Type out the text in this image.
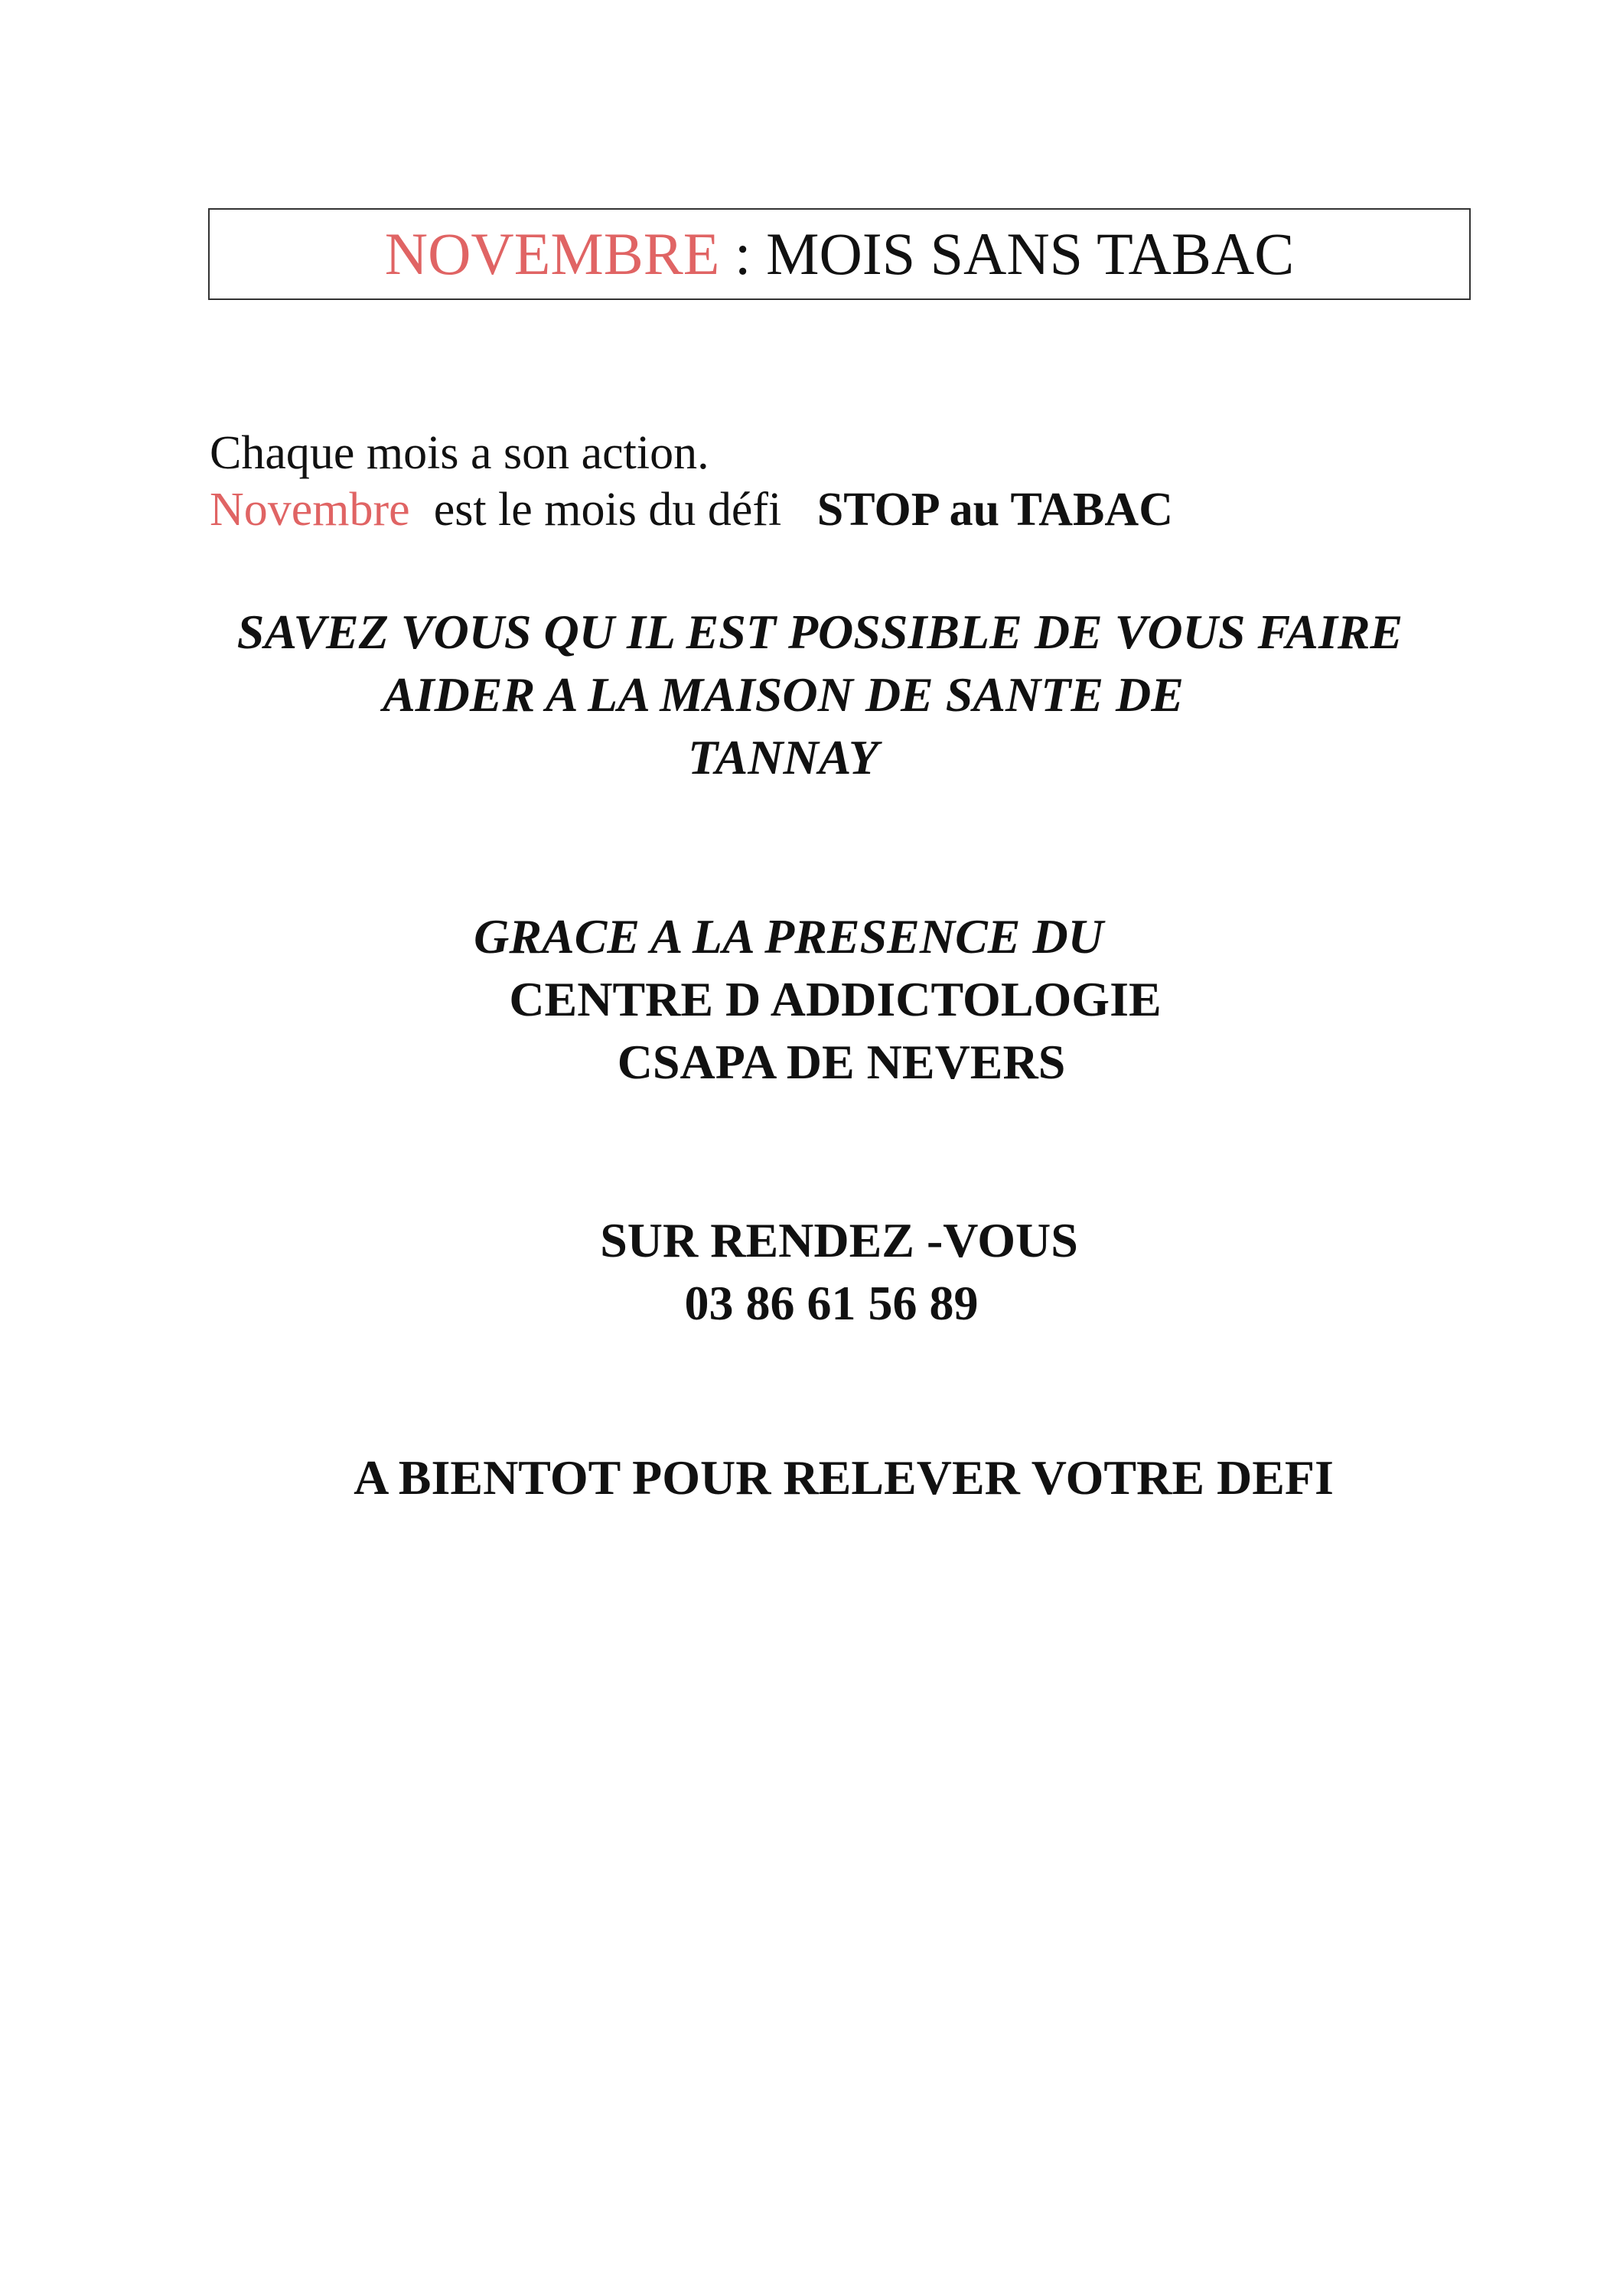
NOVEMBRE : MOIS SANS TABAC
Chaque mois a son action.
Novembre  est le mois du défi   STOP au TABAC
SAVEZ VOUS QU IL EST POSSIBLE DE VOUS FAIRE
AIDER A LA MAISON DE SANTE DE
TANNAY
GRACE A LA PRESENCE DU
CENTRE D ADDICTOLOGIE
CSAPA DE NEVERS
SUR RENDEZ -VOUS
03 86 61 56 89
A BIENTOT POUR RELEVER VOTRE DEFI
